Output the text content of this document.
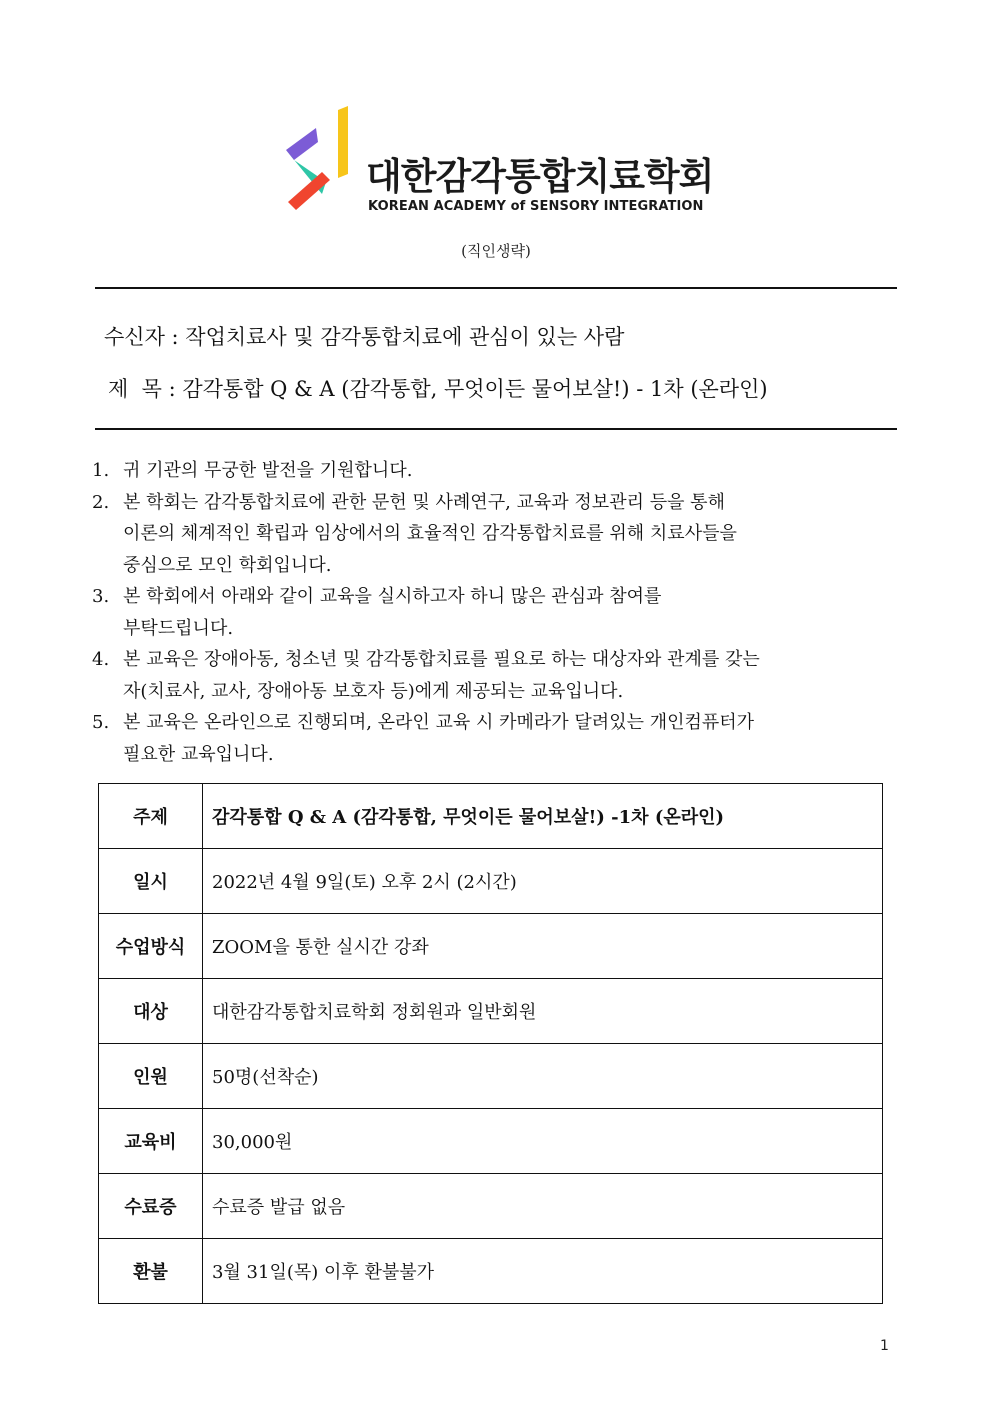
대한감각통합치료학회
KOREAN ACADEMY of SENSORY INTEGRATION
(직인생략)
수신자 : 작업치료사 및 감각통합치료에 관심이 있는 사람
제  목 : 감각통합 Q & A (감각통합, 무엇이든 물어보살!) - 1차 (온라인)
1. 귀 기관의 무궁한 발전을 기원합니다.
2. 본 학회는 감각통합치료에 관한 문헌 및 사례연구, 교육과 정보관리 등을 통해
이론의 체계적인 확립과 임상에서의 효율적인 감각통합치료를 위해 치료사들을
중심으로 모인 학회입니다.
3. 본 학회에서 아래와 같이 교육을 실시하고자 하니 많은 관심과 참여를
부탁드립니다.
4. 본 교육은 장애아동, 청소년 및 감각통합치료를 필요로 하는 대상자와 관계를 갖는
자(치료사, 교사, 장애아동 보호자 등)에게 제공되는 교육입니다.
5. 본 교육은 온라인으로 진행되며, 온라인 교육 시 카메라가 달려있는 개인컴퓨터가
필요한 교육입니다.
주제	감각통합 Q & A (감각통합, 무엇이든 물어보살!) -1차 (온라인)
일시	2022년 4월 9일(토) 오후 2시 (2시간)
수업방식	ZOOM을 통한 실시간 강좌
대상	대한감각통합치료학회 정회원과 일반회원
인원	50명(선착순)
교육비	30,000원
수료증	수료증 발급 없음
환불	3월 31일(목) 이후 환불불가
1
